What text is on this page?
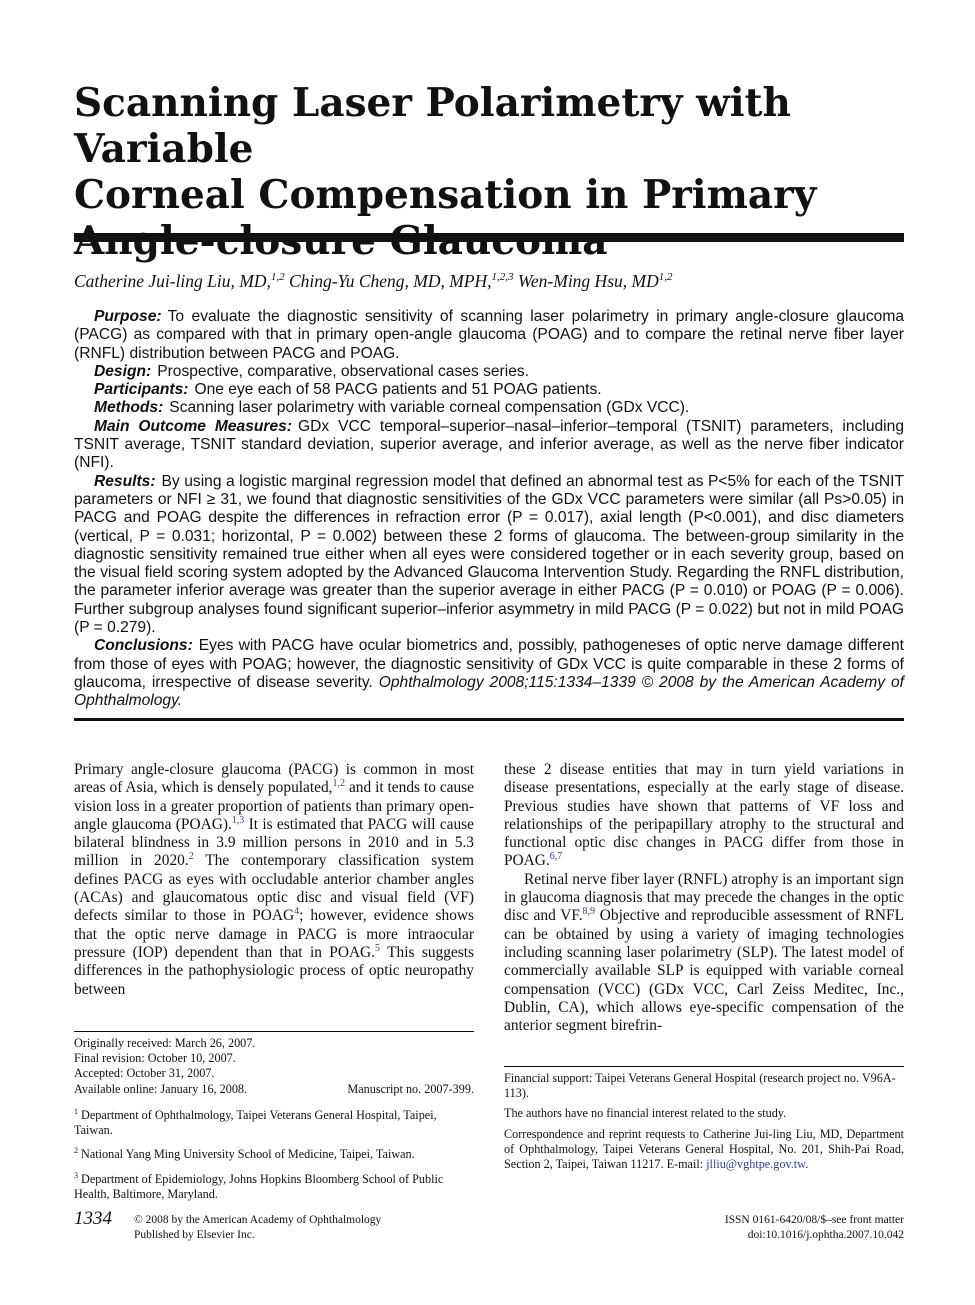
Scanning Laser Polarimetry with Variable
Corneal Compensation in Primary
Catherine Jui-ling Liu, MD,$^{1,2}$ Ching-Yu Cheng, MD, MPH,$^{1,2,3}$ Wen-Ming Hsu, MD$^{1,2}$

Purpose: To evaluate the diagnostic sensitivity of scanning laser polarimetry in primary angle-closure glaucoma (PACG) as compared with that in primary open-angle glaucoma (POAG) and to compare the retinal nerve fiber layer (RNFL) distribution between PACG and POAG.

Design: Prospective, comparative, observational cases series.

Participants: One eye each of 58 PACG patients and 51 POAG patients.

Methods: Scanning laser polarimetry with variable corneal compensation (GDx VCC).

Main Outcome Measures: GDx VCC temporal–superior–nasal–inferior–temporal (TSNIT) parameters, including TSNIT average, TSNIT standard deviation, superior average, and inferior average, as well as the nerve fiber indicator (NFI).

Results: By using a logistic marginal regression model that defined an abnormal test as P<5% for each of the TSNIT parameters or NFI ≥ 31, we found that diagnostic sensitivities of the GDx VCC parameters were similar (all Ps>0.05) in PACG and POAG despite the differences in refraction error (P = 0.017), axial length (P<0.001), and disc diameters (vertical, P = 0.031; horizontal, P = 0.002) between these 2 forms of glaucoma. The between-group similarity in the diagnostic sensitivity remained true either when all eyes were considered together or in each severity group, based on the visual field scoring system adopted by the Advanced Glaucoma Intervention Study. Regarding the RNFL distribution, the parameter inferior average was greater than the superior average in either PACG (P = 0.010) or POAG (P = 0.006). Further subgroup analyses found significant superior–inferior asymmetry in mild PACG (P = 0.022) but not in mild POAG (P = 0.279).

Conclusions: Eyes with PACG have ocular biometrics and, possibly, pathogeneses of optic nerve damage different from those of eyes with POAG; however, the diagnostic sensitivity of GDx VCC is quite comparable in these 2 forms of glaucoma, irrespective of disease severity. Ophthalmology 2008;115:1334–1339 © 2008 by the American Academy of Ophthalmology.

Primary angle-closure glaucoma (PACG) is common in most areas of Asia, which is densely populated,$^{1,2}$ and it tends to cause vision loss in a greater proportion of patients than primary open-angle glaucoma (POAG).$^{1,3}$ It is estimated that PACG will cause bilateral blindness in 3.9 million persons in 2010 and in 5.3 million in 2020.$^2$ The contemporary classification system defines PACG as eyes with occludable anterior chamber angles (ACAs) and glaucomatous optic disc and visual field (VF) defects similar to those in POAG$^4$; however, evidence shows that the optic nerve damage in PACG is more intraocular pressure (IOP) dependent than that in POAG.$^5$ This suggests differences in the pathophysiologic process of optic neuropathy between

these 2 disease entities that may in turn yield variations in disease presentations, especially at the early stage of disease. Previous studies have shown that patterns of VF loss and relationships of the peripapillary atrophy to the structural and functional optic disc changes in PACG differ from those in POAG.$^{6,7}$

Retinal nerve fiber layer (RNFL) atrophy is an important sign in glaucoma diagnosis that may precede the changes in the optic disc and VF.$^{8,9}$ Objective and reproducible assessment of RNFL can be obtained by using a variety of imaging technologies including scanning laser polarimetry (SLP). The latest model of commercially available SLP is equipped with variable corneal compensation (VCC) (GDx VCC, Carl Zeiss Meditec, Inc., Dublin, CA), which allows eye-specific compensation of the anterior segment birefrin-

Originally received: March 26, 2007.

Final revision: October 10, 2007.

Accepted: October 31, 2007.

Available online: January 16, 2008.	Manuscript no. 2007-399.

$^1$ Department of Ophthalmology, Taipei Veterans General Hospital, Taipei, Taiwan.

$^2$ National Yang Ming University School of Medicine, Taipei, Taiwan.

$^3$ Department of Epidemiology, Johns Hopkins Bloomberg School of Public Health, Baltimore, Maryland.

Financial support: Taipei Veterans General Hospital (research project no. V96A-113).

The authors have no financial interest related to the study.

Correspondence and reprint requests to Catherine Jui-ling Liu, MD, Department of Ophthalmology, Taipei Veterans General Hospital, No. 201, Shih-Pai Road, Section 2, Taipei, Taiwan 11217. E-mail: jlliu@vghtpe.gov.tw.

1334	© 2008 by the American Academy of Ophthalmology
Published by Elsevier Inc.
ISSN 0161-6420/08/$–see front matter
doi:10.1016/j.ophtha.2007.10.042
